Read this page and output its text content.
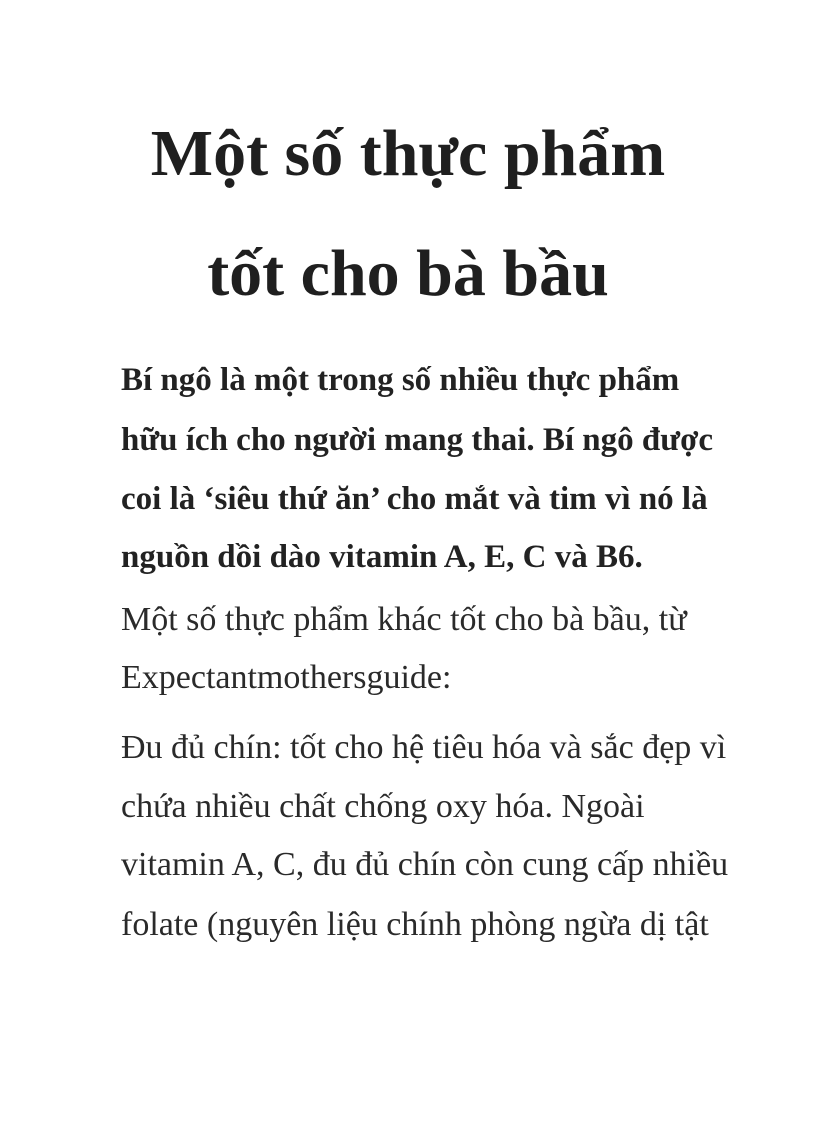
Một số thực phẩm
tốt cho bà bầu

Bí ngô là một trong số nhiều thực phẩm

hữu ích cho người mang thai. Bí ngô được

coi là ‘siêu thứ ăn’ cho mắt và tim vì nó là

nguồn dồi dào vitamin A, E, C và B6.

Một số thực phẩm khác tốt cho bà bầu, từ

Expectantmothersguide:

Đu đủ chín: tốt cho hệ tiêu hóa và sắc đẹp vì

chứa nhiều chất chống oxy hóa. Ngoài

vitamin A, C, đu đủ chín còn cung cấp nhiều

folate (nguyên liệu chính phòng ngừa dị tật
